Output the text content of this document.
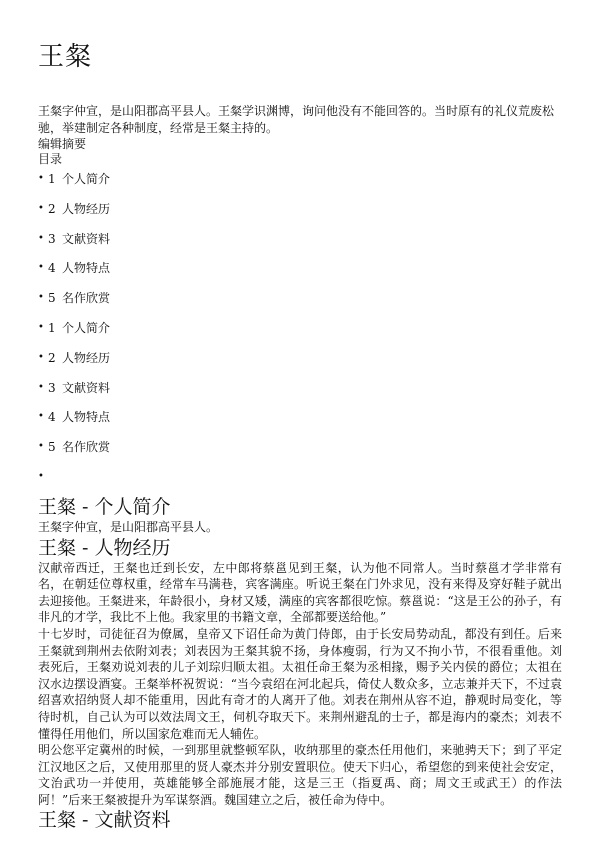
王粲
王粲字仲宣，是山阳郡高平县人。王粲学识渊博，询问他没有不能回答的。当时原有的礼仪荒废松驰，举建制定各种制度，经常是王粲主持的。
编辑摘要
目录
• 1 个人简介
• 2 人物经历
• 3 文献资料
• 4 人物特点
• 5 名作欣赏
• 1 个人简介
• 2 人物经历
• 3 文献资料
• 4 人物特点
• 5 名作欣赏
•
王粲 - 个人简介

王粲字仲宣，是山阳郡高平县人。

王粲 - 人物经历

汉献帝西迁，王粲也迁到长安，左中郎将蔡邕见到王粲，认为他不同常人。当时蔡邕才学非常有名，在朝廷位尊权重，经常车马满巷，宾客满座。听说王粲在门外求见，没有来得及穿好鞋子就出去迎接他。王粲进来，年龄很小，身材又矮，满座的宾客都很吃惊。蔡邕说：“这是王公的孙子，有非凡的才学，我比不上他。我家里的书籍文章，全部都要送给他。”

十七岁时，司徒征召为僚属，皇帝又下诏任命为黄门侍郎，由于长安局势动乱，都没有到任。后来王粲就到荆州去依附刘表；刘表因为王粲其貌不扬，身体瘦弱，行为又不拘小节，不很看重他。刘表死后，王粲劝说刘表的儿子刘琮归顺太祖。太祖任命王粲为丞相掾，赐予关内侯的爵位；太祖在汉水边摆设酒宴。王粲举杯祝贺说：“当今袁绍在河北起兵，倚仗人数众多，立志兼并天下，不过袁绍喜欢招纳贤人却不能重用，因此有奇才的人离开了他。刘表在荆州从容不迫，静观时局变化，等待时机，自己认为可以效法周文王，伺机夺取天下。来荆州避乱的士子，都是海内的豪杰；刘表不懂得任用他们，所以国家危难而无人辅佐。

明公您平定冀州的时候，一到那里就整顿军队，收纳那里的豪杰任用他们，来驰骋天下；到了平定江汉地区之后，又使用那里的贤人豪杰并分别安置职位。使天下归心，希望您的到来使社会安定，文治武功一并使用，英雄能够全部施展才能，这是三王（指夏禹、商；周文王或武王）的作法阿！”后来王粲被提升为军谋祭酒。魏国建立之后，被任命为侍中。

王粲 - 文献资料
